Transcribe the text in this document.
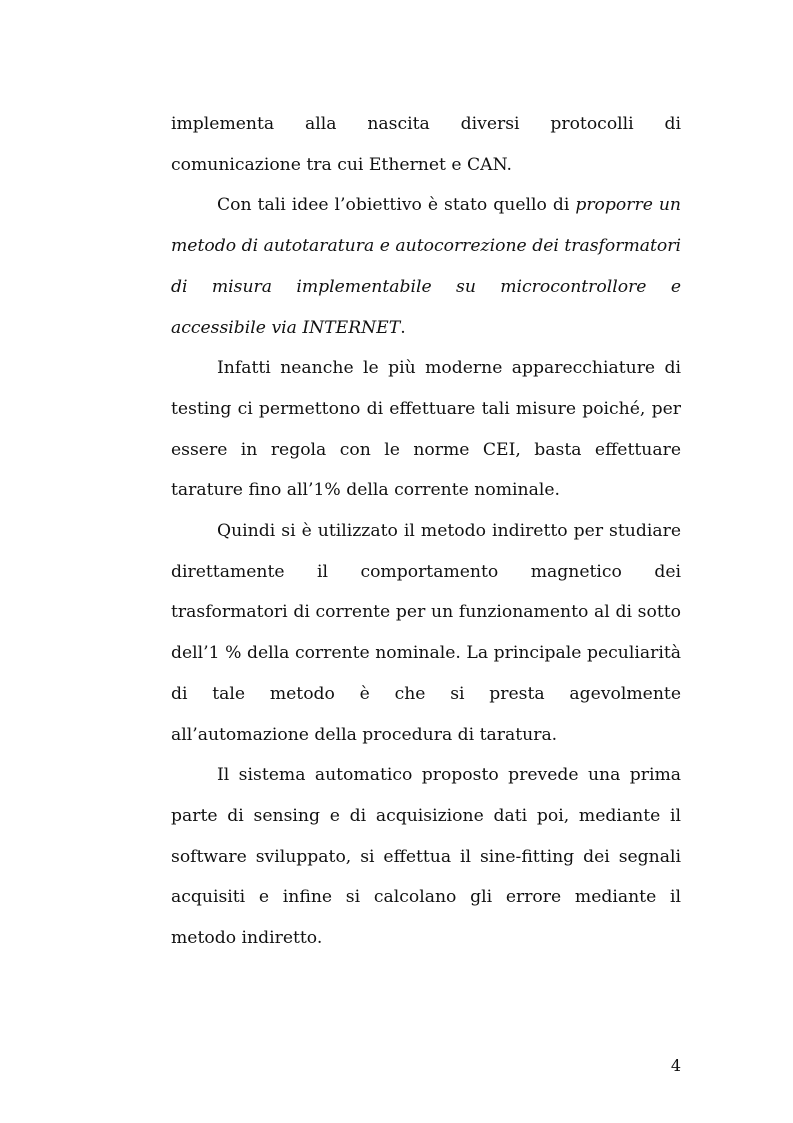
implementa alla nascita diversi protocolli di comunicazione tra cui Ethernet e CAN.

Con tali idee l’obiettivo è stato quello di proporre un metodo di autotaratura e autocorrezione dei trasformatori di misura implementabile su microcontrollore e accessibile via INTERNET.

Infatti neanche le più moderne apparecchiature di testing ci permettono di effettuare tali misure poiché, per essere in regola con le norme CEI, basta effettuare tarature fino all’1% della corrente nominale.

Quindi si è utilizzato il metodo indiretto per studiare direttamente il comportamento magnetico dei trasformatori di corrente per un funzionamento al di sotto dell’1 % della corrente nominale. La principale peculiarità di tale metodo è che si presta agevolmente all’automazione della procedura di taratura.

Il sistema automatico proposto prevede una prima parte di sensing e di acquisizione dati poi, mediante il software sviluppato, si effettua il sine-fitting dei segnali acquisiti e infine si calcolano gli errore mediante il metodo indiretto.

4
